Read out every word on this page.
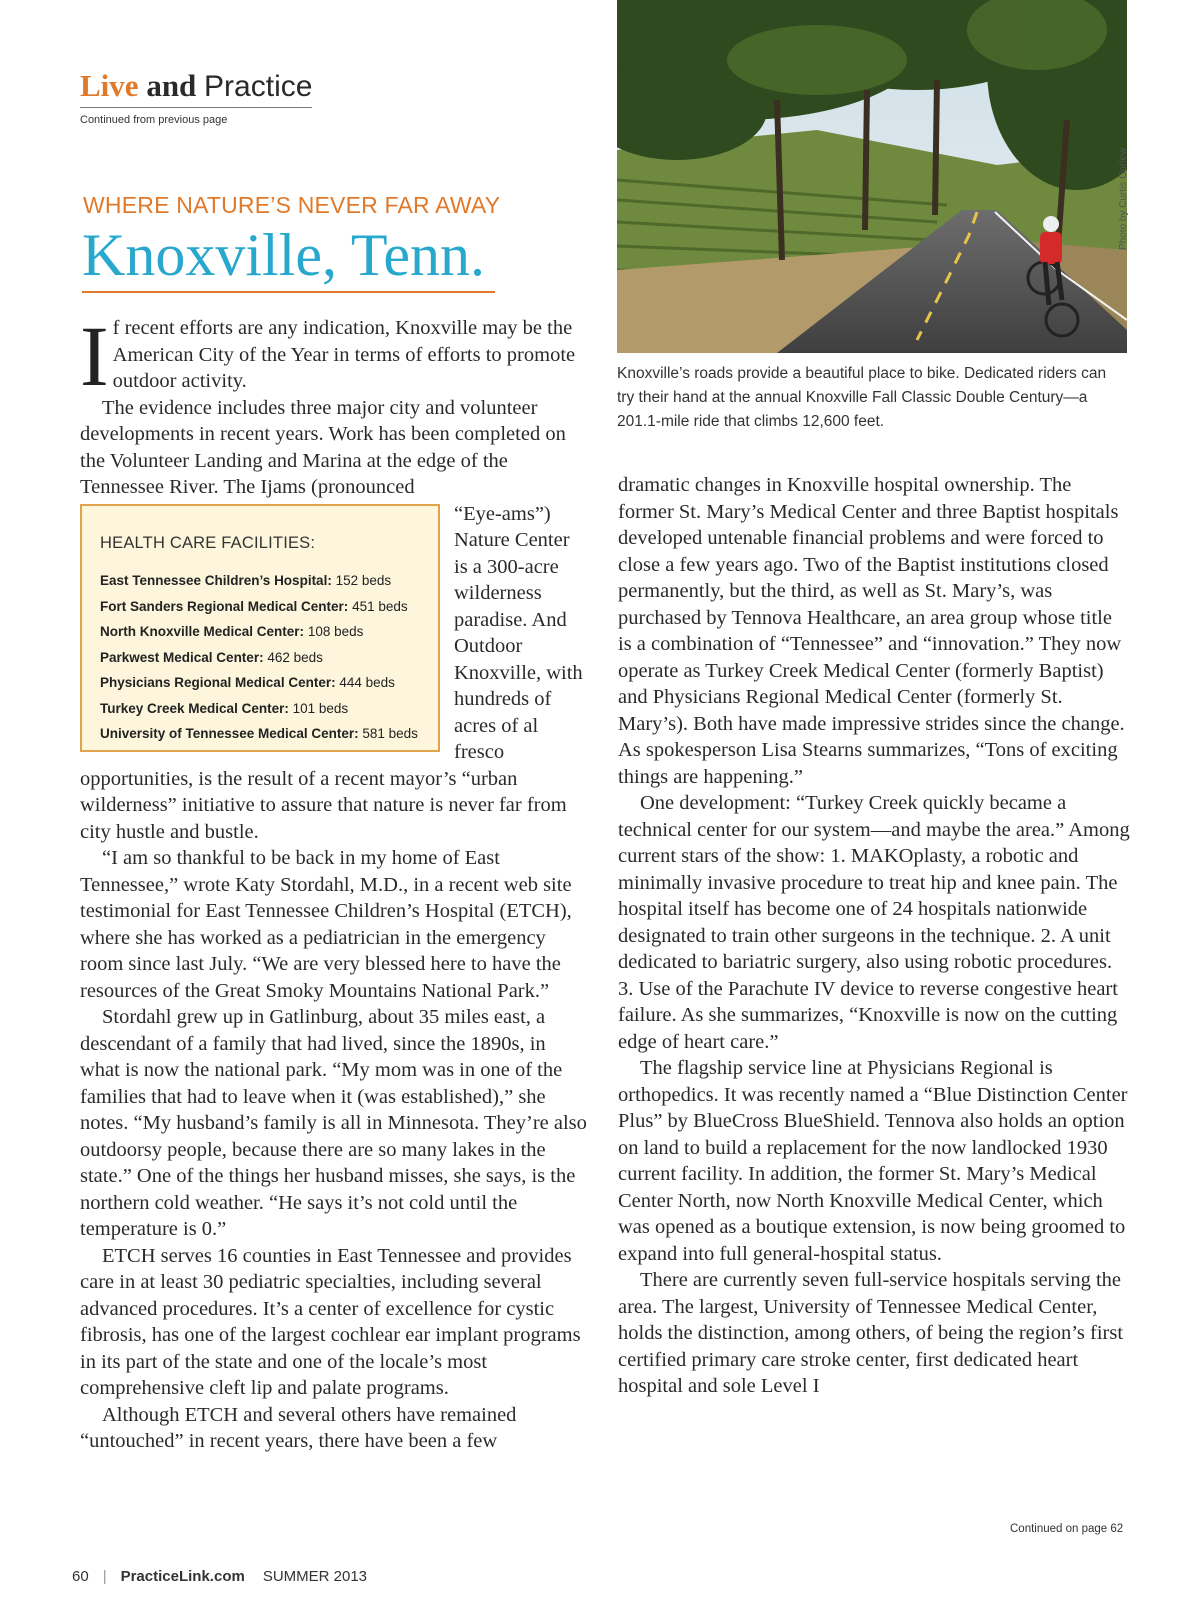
Live and Practice
Continued from previous page
WHERE NATURE’S NEVER FAR AWAY
Knoxville, Tenn.
Photo by Curtis Corlew
Knoxville’s roads provide a beautiful place to bike. Dedicated riders can try their hand at the annual Knoxville Fall Classic Double Century—a 201.1-mile ride that climbs 12,600 feet.

If recent efforts are any indication, Knoxville may be the American City of the Year in terms of efforts to promote outdoor activity.

The evidence includes three major city and volunteer developments in recent years. Work has been completed on the Volunteer Landing and Marina at the edge of the Tennessee River. The Ijams (pronounced

HEALTH CARE FACILITIES:
East Tennessee Children’s Hospital: 152 beds
Fort Sanders Regional Medical Center: 451 beds
North Knoxville Medical Center: 108 beds
Parkwest Medical Center: 462 beds
Physicians Regional Medical Center: 444 beds
Turkey Creek Medical Center: 101 beds
University of Tennessee Medical Center: 581 beds

“Eye-ams”) Nature Center is a 300-acre wilderness paradise. And Outdoor Knoxville, with hundreds of acres of al fresco opportunities, is the result of a recent mayor’s “urban wilderness” initiative to assure that nature is never far from city hustle and bustle.

“I am so thankful to be back in my home of East Tennessee,” wrote Katy Stordahl, M.D., in a recent web site testimonial for East Tennessee Children’s Hospital (ETCH), where she has worked as a pediatrician in the emergency room since last July. “We are very blessed here to have the resources of the Great Smoky Mountains National Park.”

Stordahl grew up in Gatlinburg, about 35 miles east, a descendant of a family that had lived, since the 1890s, in what is now the national park. “My mom was in one of the families that had to leave when it (was established),” she notes. “My husband’s family is all in Minnesota. They’re also outdoorsy people, because there are so many lakes in the state.” One of the things her husband misses, she says, is the northern cold weather. “He says it’s not cold until the temperature is 0.”

ETCH serves 16 counties in East Tennessee and provides care in at least 30 pediatric specialties, including several advanced procedures. It’s a center of excellence for cystic fibrosis, has one of the largest cochlear ear implant programs in its part of the state and one of the locale’s most comprehensive cleft lip and palate programs.

Although ETCH and several others have remained “untouched” in recent years, there have been a few

dramatic changes in Knoxville hospital ownership. The former St. Mary’s Medical Center and three Baptist hospitals developed untenable financial problems and were forced to close a few years ago. Two of the Baptist institutions closed permanently, but the third, as well as St. Mary’s, was purchased by Tennova Healthcare, an area group whose title is a combination of “Tennessee” and “innovation.” They now operate as Turkey Creek Medical Center (formerly Baptist) and Physicians Regional Medical Center (formerly St. Mary’s). Both have made impressive strides since the change. As spokesperson Lisa Stearns summarizes, “Tons of exciting things are happening.”

One development: “Turkey Creek quickly became a technical center for our system—and maybe the area.” Among current stars of the show: 1. MAKOplasty, a robotic and minimally invasive procedure to treat hip and knee pain. The hospital itself has become one of 24 hospitals nationwide designated to train other surgeons in the technique. 2. A unit dedicated to bariatric surgery, also using robotic procedures. 3. Use of the Parachute IV device to reverse congestive heart failure. As she summarizes, “Knoxville is now on the cutting edge of heart care.”

The flagship service line at Physicians Regional is orthopedics. It was recently named a “Blue Distinction Center Plus” by BlueCross BlueShield. Tennova also holds an option on land to build a replacement for the now landlocked 1930 current facility. In addition, the former St. Mary’s Medical Center North, now North Knoxville Medical Center, which was opened as a boutique extension, is now being groomed to expand into full general-hospital status.

There are currently seven full-service hospitals serving the area. The largest, University of Tennessee Medical Center, holds the distinction, among others, of being the region’s first certified primary care stroke center, first dedicated heart hospital and sole Level I

Continued on page 62
60 | PracticeLink.com SUMMER 2013
